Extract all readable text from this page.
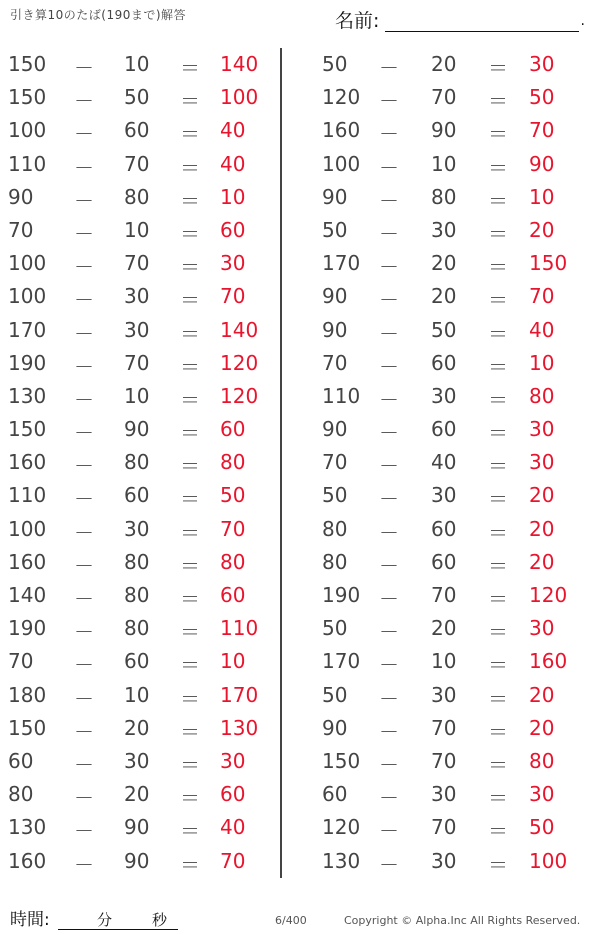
引き算10のたば(190まで)解答	名前:	.
150 － 10 ＝ 140
150 － 50 ＝ 100
100 － 60 ＝ 40
110 － 70 ＝ 40
90 － 80 ＝ 10
70 － 10 ＝ 60
100 － 70 ＝ 30
100 － 30 ＝ 70
170 － 30 ＝ 140
190 － 70 ＝ 120
130 － 10 ＝ 120
150 － 90 ＝ 60
160 － 80 ＝ 80
110 － 60 ＝ 50
100 － 30 ＝ 70
160 － 80 ＝ 80
140 － 80 ＝ 60
190 － 80 ＝ 110
70 － 60 ＝ 10
180 － 10 ＝ 170
150 － 20 ＝ 130
60 － 30 ＝ 30
80 － 20 ＝ 60
130 － 90 ＝ 40
160 － 90 ＝ 70
50 － 20 ＝ 30
120 － 70 ＝ 50
160 － 90 ＝ 70
100 － 10 ＝ 90
90 － 80 ＝ 10
50 － 30 ＝ 20
170 － 20 ＝ 150
90 － 20 ＝ 70
90 － 50 ＝ 40
70 － 60 ＝ 10
110 － 30 ＝ 80
90 － 60 ＝ 30
70 － 40 ＝ 30
50 － 30 ＝ 20
80 － 60 ＝ 20
80 － 60 ＝ 20
190 － 70 ＝ 120
50 － 20 ＝ 30
170 － 10 ＝ 160
50 － 30 ＝ 20
90 － 70 ＝ 20
150 － 70 ＝ 80
60 － 30 ＝ 30
120 － 70 ＝ 50
130 － 30 ＝ 100
時間:	分	秒	6/400	Copyright © Alpha.Inc All Rights Reserved.
